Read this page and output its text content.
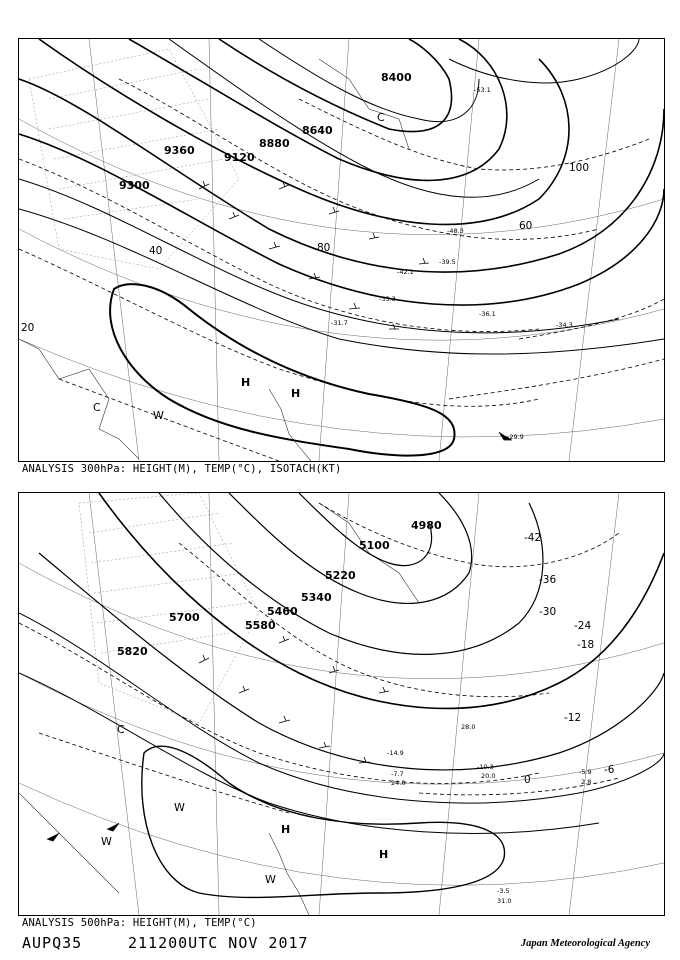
9360
9300
9120
8880
8640
8400
20
40
60
80
100
-39.5
-42.1
-48.3
-53.1
-29.9
-33.3
-31.7
-36.1
-34.3
H
H
C
C
W
ANALYSIS 300hPa: HEIGHT(M), TEMP(°C), ISOTACH(KT)
5700
5820
5580
5460
5340
5220
5100
4980
-42
-36
-30
-24
-18
-12
-6
0
-3.5
31.0
-14.9
-7.7
-10.3
-5.9
2.8
20.0
24.0
28.0
H
H
C
W
W
W
ANALYSIS 500hPa: HEIGHT(M), TEMP(°C)
AUPQ35	211200UTC NOV 2017	Japan Meteorological Agency
